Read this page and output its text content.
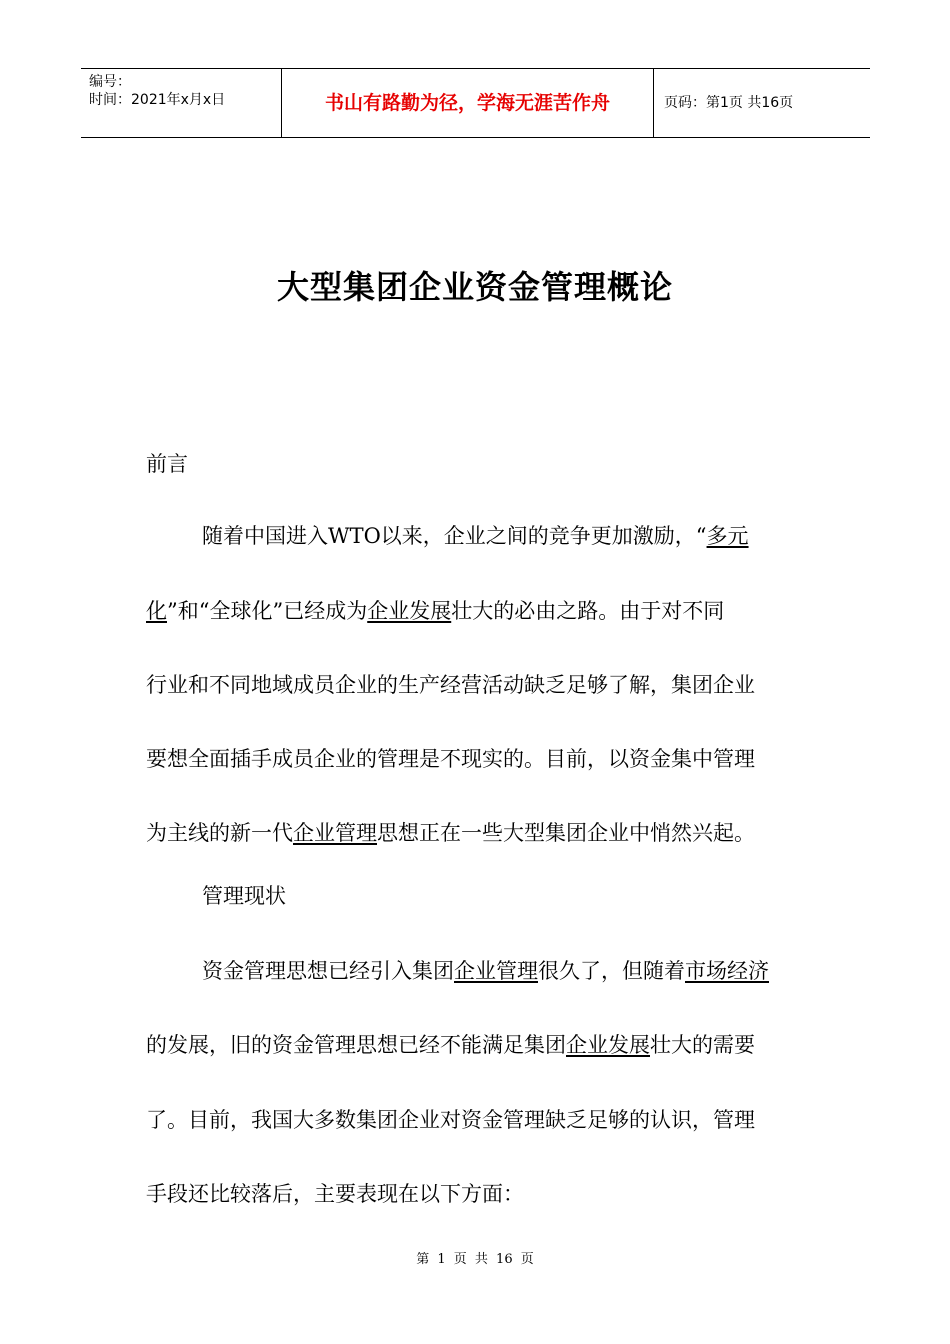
编号：
时间：2021年x月x日	书山有路勤为径，学海无涯苦作舟	页码：第1页 共16页
大型集团企业资金管理概论
前言
随着中国进入WTO以来，企业之间的竞争更加激励，“多元
化”和“全球化”已经成为企业发展壮大的必由之路。由于对不同
行业和不同地域成员企业的生产经营活动缺乏足够了解，集团企业
要想全面插手成员企业的管理是不现实的。目前，以资金集中管理
为主线的新一代企业管理思想正在一些大型集团企业中悄然兴起。
管理现状
资金管理思想已经引入集团企业管理很久了，但随着市场经济
的发展，旧的资金管理思想已经不能满足集团企业发展壮大的需要
了。目前，我国大多数集团企业对资金管理缺乏足够的认识，管理
手段还比较落后，主要表现在以下方面：
第 1 页 共 16 页
